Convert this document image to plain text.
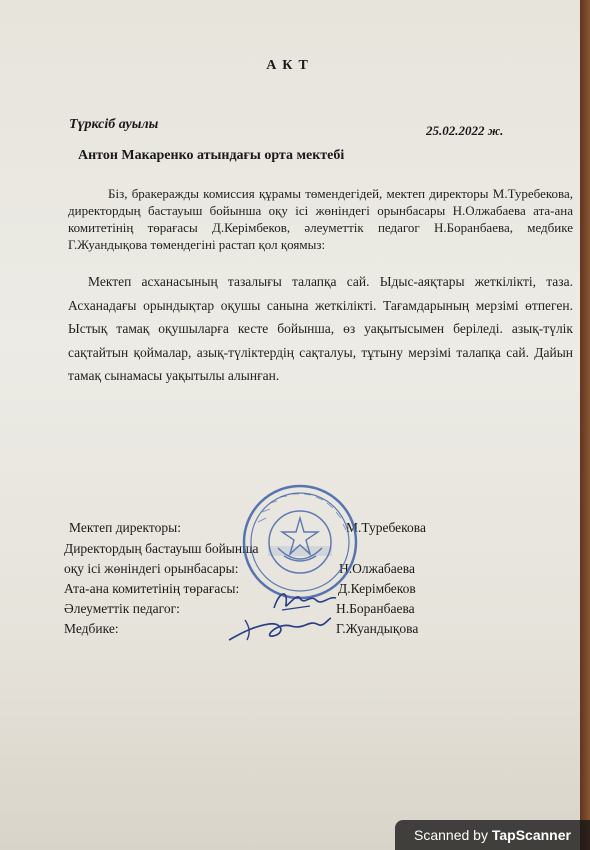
АКТ
Түрксіб ауылы	25.02.2022 ж.
Антон Макаренко атындағы орта мектебі
Біз, бракеражды комиссия құрамы төмендегідей, мектеп директоры М.Туребекова, директордың бастауыш бойынша оқу ісі жөніндегі орынбасары Н.Олжабаева ата-ана комитетінің төрағасы Д.Керімбеков, әлеуметтік педагог Н.Боранбаева, медбике Г.Жуандықова төмендегіні растап қол қоямыз:
Мектеп асханасының тазалығы талапқа сай. Ыдыс-аяқтары жеткілікті, таза. Асханадағы орындықтар оқушы санына жеткілікті. Тағамдарының мерзімі өтпеген. Ыстық тамақ оқушыларға кесте бойынша, өз уақытысымен беріледі. азық-түлік сақтайтын қоймалар, азық-түліктердің сақталуы, тұтыну мерзімі талапқа сай. Дайын тамақ сынамасы уақытылы алынған.
Мектеп директоры:	М.Туребекова
Директордың бастауыш бойынша
оқу ісі жөніндегі орынбасары:	Н.Олжабаева
Ата-ана комитетінің төрағасы:	Д.Керімбеков
Әлеуметтік педагог:	Н.Боранбаева
Медбике:	Г.Жуандықова
Scanned by TapScanner
